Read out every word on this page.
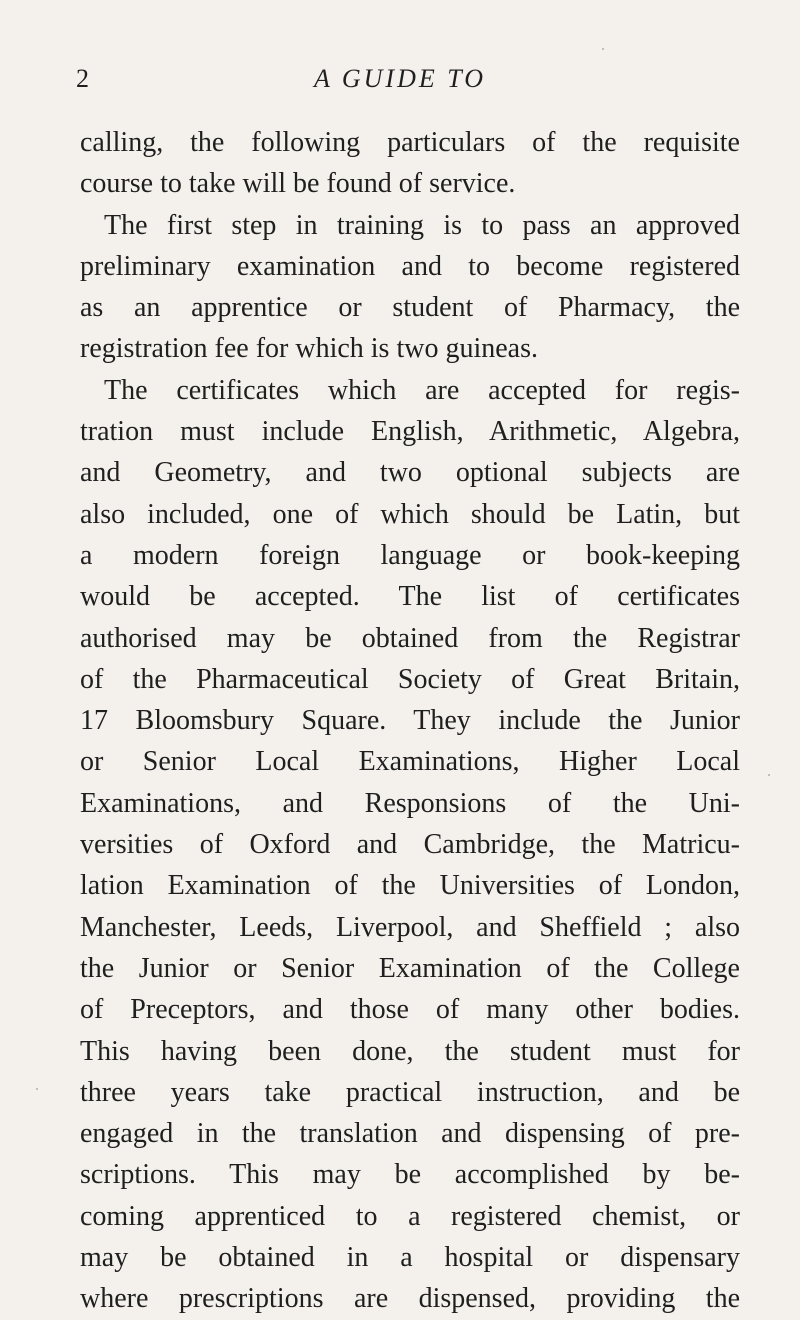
2	A GUIDE TO
calling, the following particulars of the requisite
course to take will be found of service.
The first step in training is to pass an approved
preliminary examination and to become registered
as an apprentice or student of Pharmacy, the
registration fee for which is two guineas.
The certificates which are accepted for regis-
tration must include English, Arithmetic, Algebra,
and Geometry, and two optional subjects are
also included, one of which should be Latin, but
a modern foreign language or book-keeping
would be accepted. The list of certificates
authorised may be obtained from the Registrar
of the Pharmaceutical Society of Great Britain,
17 Bloomsbury Square. They include the Junior
or Senior Local Examinations, Higher Local
Examinations, and Responsions of the Uni-
versities of Oxford and Cambridge, the Matricu-
lation Examination of the Universities of London,
Manchester, Leeds, Liverpool, and Sheffield ; also
the Junior or Senior Examination of the College
of Preceptors, and those of many other bodies.
This having been done, the student must for
three years take practical instruction, and be
engaged in the translation and dispensing of pre-
scriptions. This may be accomplished by be-
coming apprenticed to a registered chemist, or
may be obtained in a hospital or dispensary
where prescriptions are dispensed, providing the
